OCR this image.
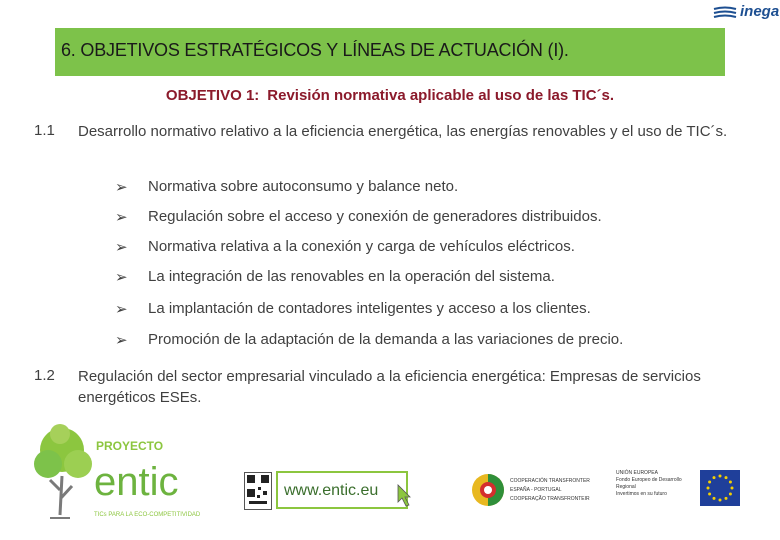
6. OBJETIVOS ESTRATÉGICOS Y LÍNEAS DE ACTUACIÓN (I).
inega
OBJETIVO 1: Revisión normativa aplicable al uso de las TIC´s.
1.1 Desarrollo normativo relativo a la eficiencia energética, las energías renovables y el uso de TIC´s.
➢ Normativa sobre autoconsumo y balance neto.
➢ Regulación sobre el acceso y conexión de generadores distribuidos.
➢ Normativa relativa a la conexión y carga de vehículos eléctricos.
➢ La integración de las renovables en la operación del sistema.
➢ La implantación de contadores inteligentes y acceso a los clientes.
➢ Promoción de la adaptación de la demanda a las variaciones de precio.
1.2 Regulación del sector empresarial vinculado a la eficiencia energética: Empresas de servicios energéticos ESEs.
PROYECTO
entic
TICs PARA LA ECO-COMPETITIVIDAD
www.entic.eu
COOPERACIÓN TRANSFRONTERIZA
ESPAÑA - PORTUGAL
COOPERAÇÃO TRANSFRONTEIRIÇA
UNIÓN EUROPEA
Fondo Europeo de Desarrollo Regional
Invertimos en su futuro
